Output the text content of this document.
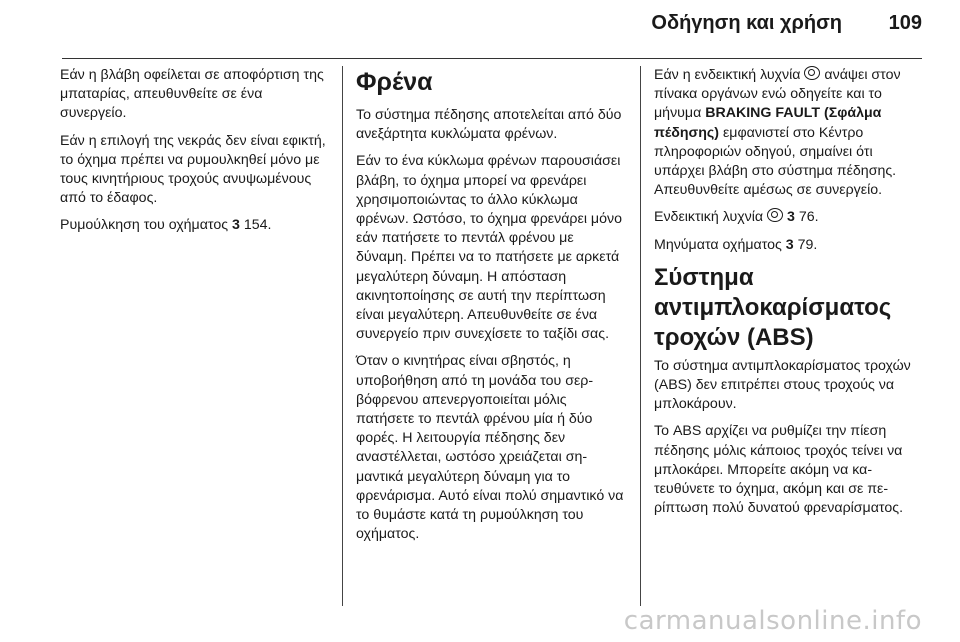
Οδήγηση και χρήση 109

Εάν η βλάβη οφείλεται σε αποφόρτιση της μπαταρίας, απευθυνθείτε σε ένα συνεργείο.

Εάν η επιλογή της νεκράς δεν είναι εφικτή, το όχημα πρέπει να ρυμουλκηθεί μόνο με τους κινητήριους τροχούς ανυψωμένους από το έδαφος.

Ρυμούλκηση του οχήματος 3 154.

Φρένα

Το σύστημα πέδησης αποτελείται από δύο ανεξάρτητα κυκλώματα φρένων.

Εάν το ένα κύκλωμα φρένων παρουσιάσει βλάβη, το όχημα μπορεί να φρενάρει χρησιμοποιώντας το άλλο κύκλωμα φρένων. Ωστόσο, το όχημα φρενάρει μόνο εάν πατήσετε το πεντάλ φρένου με δύναμη. Πρέπει να το πατήσετε με αρκετά μεγαλύτερη δύναμη. Η απόσταση ακινητοποίησης σε αυτή την περίπτωση είναι μεγαλύτερη. Απευθυνθείτε σε ένα συνεργείο πριν συνεχίσετε το ταξίδι σας.

Όταν ο κινητήρας είναι σβηστός, η υποβοήθηση από τη μονάδα του σερβόφρενου απενεργοποιείται μόλις πατήσετε το πεντάλ φρένου μία ή δύο φορές. Η λειτουργία πέδησης δεν αναστέλλεται, ωστόσο χρειάζεται σημαντικά μεγαλύτερη δύναμη για το φρενάρισμα. Αυτό είναι πολύ σημαντικό να το θυμάστε κατά τη ρυμούλκηση του οχήματος.

Εάν η ενδεικτική λυχνία  ανάψει στον πίνακα οργάνων ενώ οδηγείτε και το μήνυμα BRAKING FAULT (Σφάλμα πέδησης) εμφανιστεί στο Κέντρο πληροφοριών οδηγού, σημαίνει ότι υπάρχει βλάβη στο σύστημα πέδησης. Απευθυνθείτε αμέσως σε συνεργείο.

Ενδεικτική λυχνία  3 76.

Μηνύματα οχήματος 3 79.

Σύστημα αντιμπλοκαρίσματος τροχών (ABS)

Το σύστημα αντιμπλοκαρίσματος τροχών (ABS) δεν επιτρέπει στους τροχούς να μπλοκάρουν.

Το ABS αρχίζει να ρυθμίζει την πίεση πέδησης μόλις κάποιος τροχός τείνει να μπλοκάρει. Μπορείτε ακόμη να κατευθύνετε το όχημα, ακόμη και σε περίπτωση πολύ δυνατού φρεναρίσματος.

carmanualsonline.info
